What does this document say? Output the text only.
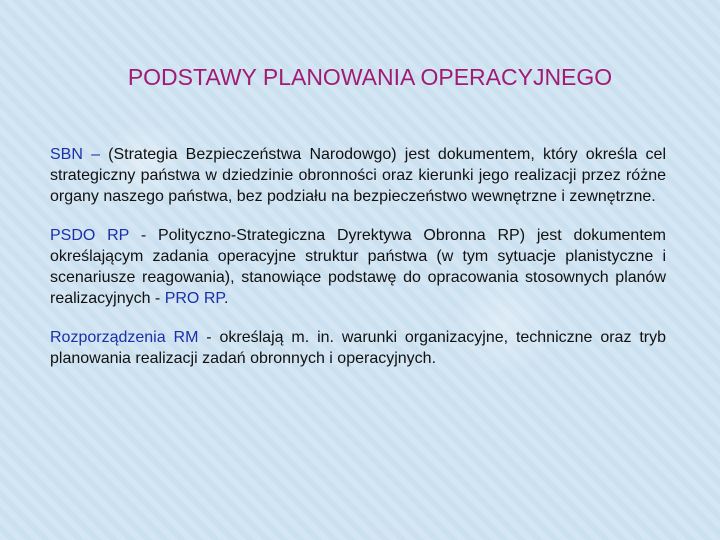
PODSTAWY PLANOWANIA OPERACYJNEGO

SBN – (Strategia Bezpieczeństwa Narodowgo) jest dokumentem, który określa cel strategiczny państwa w dziedzinie obronności oraz kierunki jego realizacji przez różne organy naszego państwa, bez podziału na bezpieczeństwo wewnętrzne i zewnętrzne.

PSDO RP - Polityczno-Strategiczna Dyrektywa Obronna RP) jest dokumentem określającym zadania operacyjne struktur państwa (w tym sytuacje planistyczne i scenariusze reagowania), stanowiące podstawę do opracowania stosownych planów realizacyjnych - PRO RP.

Rozporządzenia RM - określają m. in. warunki organizacyjne, techniczne oraz tryb planowania realizacji zadań obronnych i operacyjnych.
